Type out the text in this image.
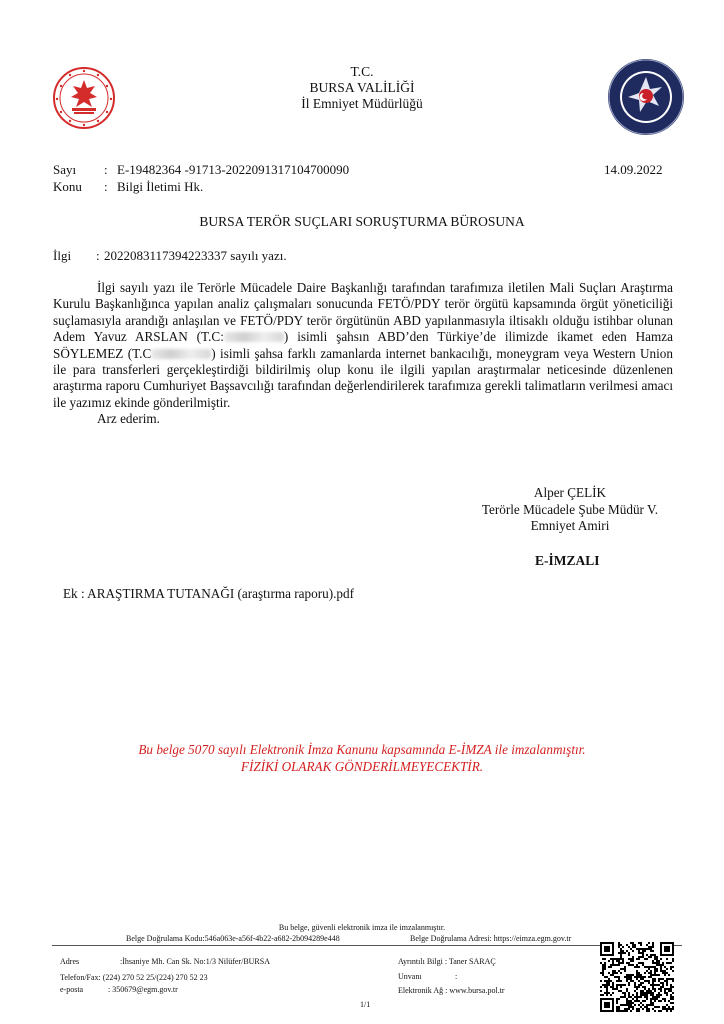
T.C.
BURSA VALİLİĞİ
İl Emniyet Müdürlüğü
Sayı : E-19482364 -91713-2022091317104700090	14.09.2022
Konu : Bilgi İletimi Hk.
BURSA TERÖR SUÇLARI SORUŞTURMA BÜROSUNA
İlgi : 2022083117394223337 sayılı yazı.

İlgi sayılı yazı ile Terörle Mücadele Daire Başkanlığı tarafından tarafımıza iletilen Mali Suçları Araştırma Kurulu Başkanlığınca yapılan analiz çalışmaları sonucunda FETÖ/PDY terör örgütü kapsamında örgüt yöneticiliği suçlamasıyla arandığı anlaşılan ve FETÖ/PDY terör örgütünün ABD yapılanmasıyla iltisaklı olduğu istihbar olunan Adem Yavuz ARSLAN (T.C:	) isimli şahsın ABD’den Türkiye’de ilimizde ikamet eden Hamza SÖYLEMEZ (T.C	) isimli şahsa farklı zamanlarda internet bankacılığı, moneygram veya Western Union ile para transferleri gerçekleştirdiği bildirilmiş olup konu ile ilgili yapılan araştırmalar neticesinde düzenlenen araştırma raporu Cumhuriyet Başsavcılığı tarafından değerlendirilerek tarafımıza gerekli talimatların verilmesi amacı ile yazımız ekinde gönderilmiştir.

Arz ederim.

Alper ÇELİK
Terörle Mücadele Şube Müdür V.
Emniyet Amiri
E-İMZALI
Ek : ARAŞTIRMA TUTANAĞI (araştırma raporu).pdf
Bu belge 5070 sayılı Elektronik İmza Kanunu kapsamında E-İMZA ile imzalanmıştır.
FİZİKİ OLARAK GÖNDERİLMEYECEKTİR.
Bu belge, güvenli elektronik imza ile imzalanmıştır.
Belge Doğrulama Kodu:546a063e-a56f-4b22-a682-2b094289e448	Belge Doğrulama Adresi: https://eimza.egm.gov.tr
Adres	:İhsaniye Mh. Can Sk. No:1/3 Nilüfer/BURSA
Telefon/Fax: (224) 270 52 25/(224) 270 52 23
e-posta	: 350679@egm.gov.tr
Ayrıntılı Bilgi : Taner SARAÇ
Unvanı	:
Elektronik Ağ : www.bursa.pol.tr
1/1
